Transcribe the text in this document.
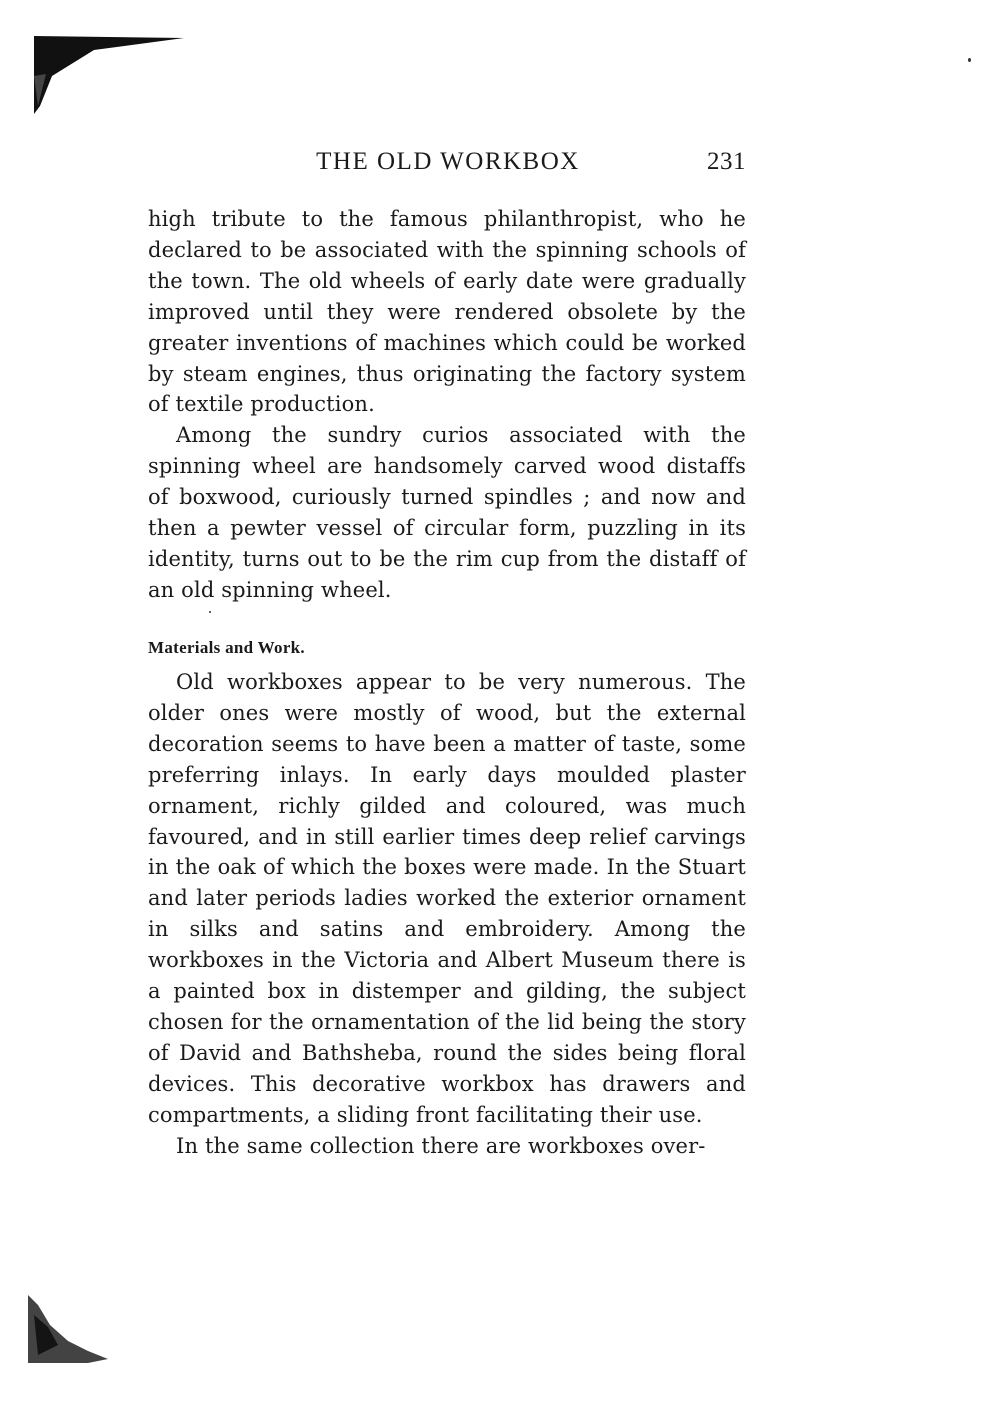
THE OLD WORKBOX	231

high tribute to the famous philanthropist, who he declared to be associated with the spinning schools of the town. The old wheels of early date were gradually improved until they were rendered obsolete by the greater inventions of machines which could be worked by steam engines, thus originating the factory system of textile production.

Among the sundry curios associated with the spinning wheel are handsomely carved wood distaffs of boxwood, curiously turned spindles ; and now and then a pewter vessel of circular form, puzzling in its identity, turns out to be the rim cup from the distaff of an old spinning wheel.

Materials and Work.

Old workboxes appear to be very numerous. The older ones were mostly of wood, but the external decoration seems to have been a matter of taste, some preferring inlays. In early days moulded plaster ornament, richly gilded and coloured, was much favoured, and in still earlier times deep relief carvings in the oak of which the boxes were made. In the Stuart and later periods ladies worked the exterior ornament in silks and satins and embroidery. Among the workboxes in the Victoria and Albert Museum there is a painted box in distemper and gilding, the subject chosen for the ornamentation of the lid being the story of David and Bathsheba, round the sides being floral devices. This decorative workbox has drawers and compartments, a sliding front facilitating their use.

In the same collection there are workboxes over-
